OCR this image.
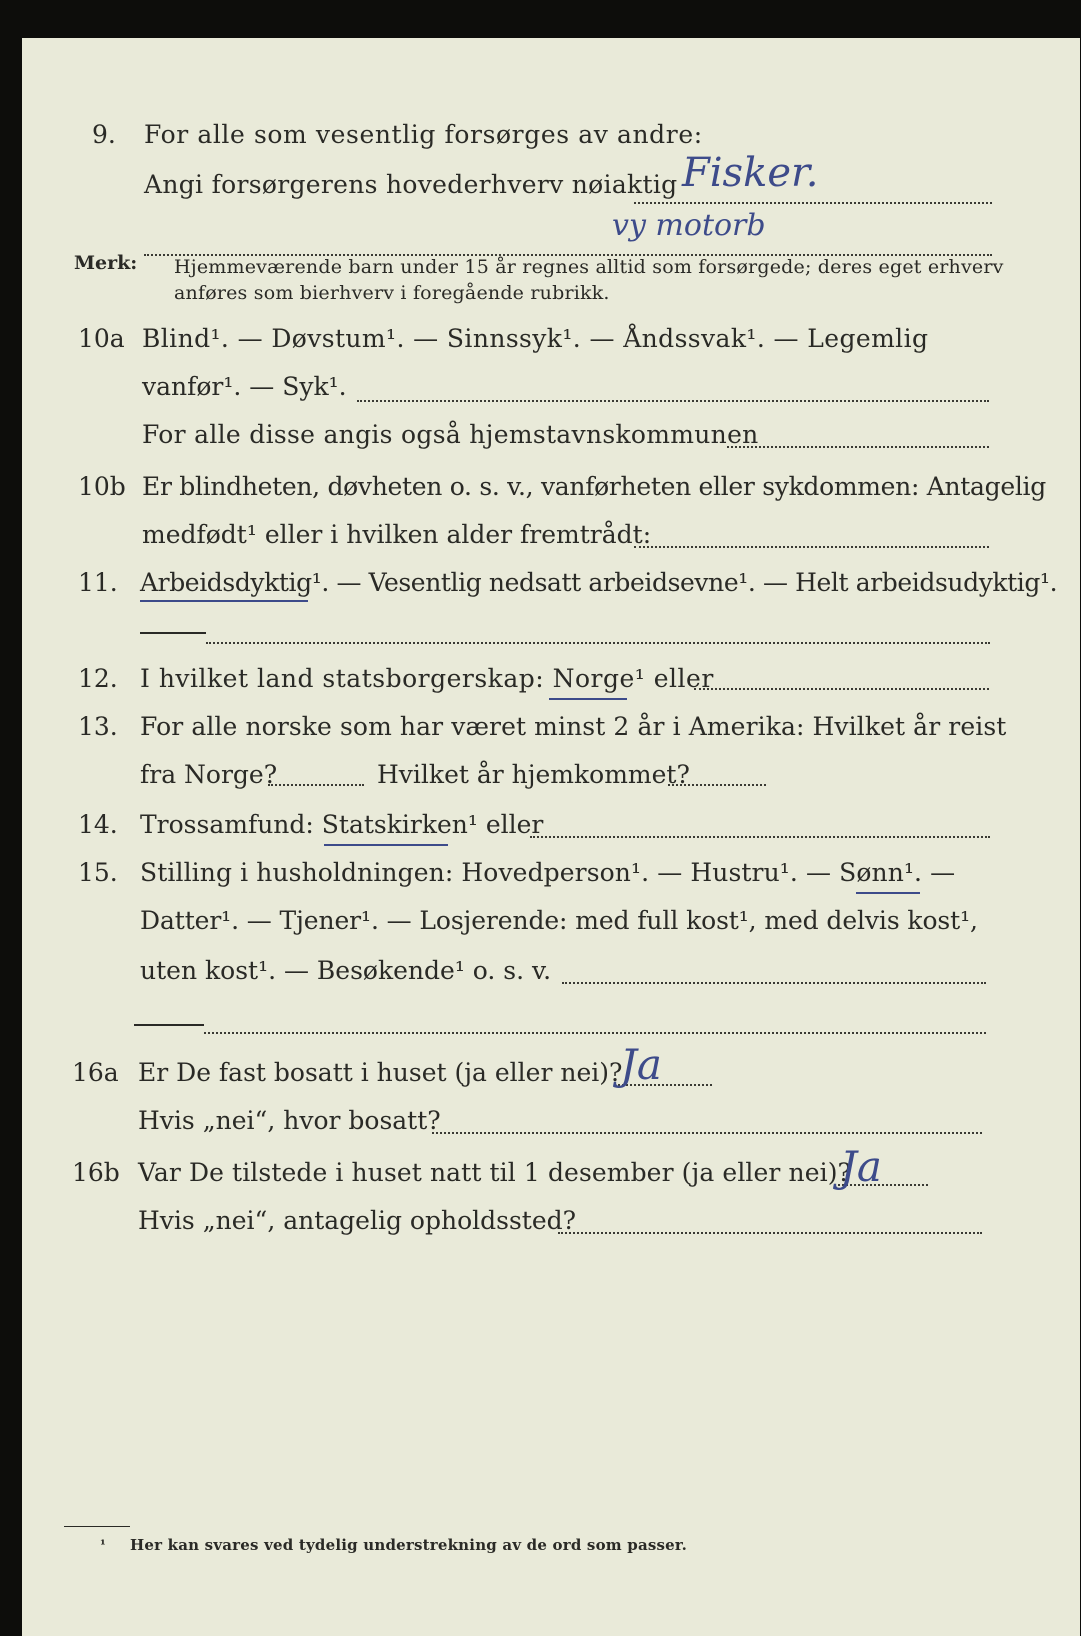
9. For alle som vesentlig forsørges av andre:
Angi forsørgerens hovederhverv nøiaktig Fisker.
vy motorb
Merk: Hjemmeværende barn under 15 år regnes alltid som forsørgede; deres eget erhverv
anføres som bierhverv i foregående rubrikk.
10a Blind¹. — Døvstum¹. — Sinnssyk¹. — Åndssvak¹. — Legemlig
vanfør¹. — Syk¹.
For alle disse angis også hjemstavnskommunen
10b Er blindheten, døvheten o. s. v., vanførheten eller sykdommen: Antagelig
medfødt¹ eller i hvilken alder fremtrådt:
11. Arbeidsdyktig¹. — Vesentlig nedsatt arbeidsevne¹. — Helt arbeidsudyktig¹.
12. I hvilket land statsborgerskap: Norge¹ eller
13. For alle norske som har været minst 2 år i Amerika: Hvilket år reist
fra Norge?	Hvilket år hjemkommet?
14. Trossamfund: Statskirken¹ eller
15. Stilling i husholdningen: Hovedperson¹. — Hustru¹. — Sønn¹. —
Datter¹. — Tjener¹. — Losjerende: med full kost¹, med delvis kost¹,
uten kost¹. — Besøkende¹ o. s. v.
16a Er De fast bosatt i huset (ja eller nei)?
Ja
Hvis „nei“, hvor bosatt?
16b Var De tilstede i huset natt til 1 desember (ja eller nei)?
Ja
Hvis „nei“, antagelig opholdssted?
¹ Her kan svares ved tydelig understrekning av de ord som passer.
